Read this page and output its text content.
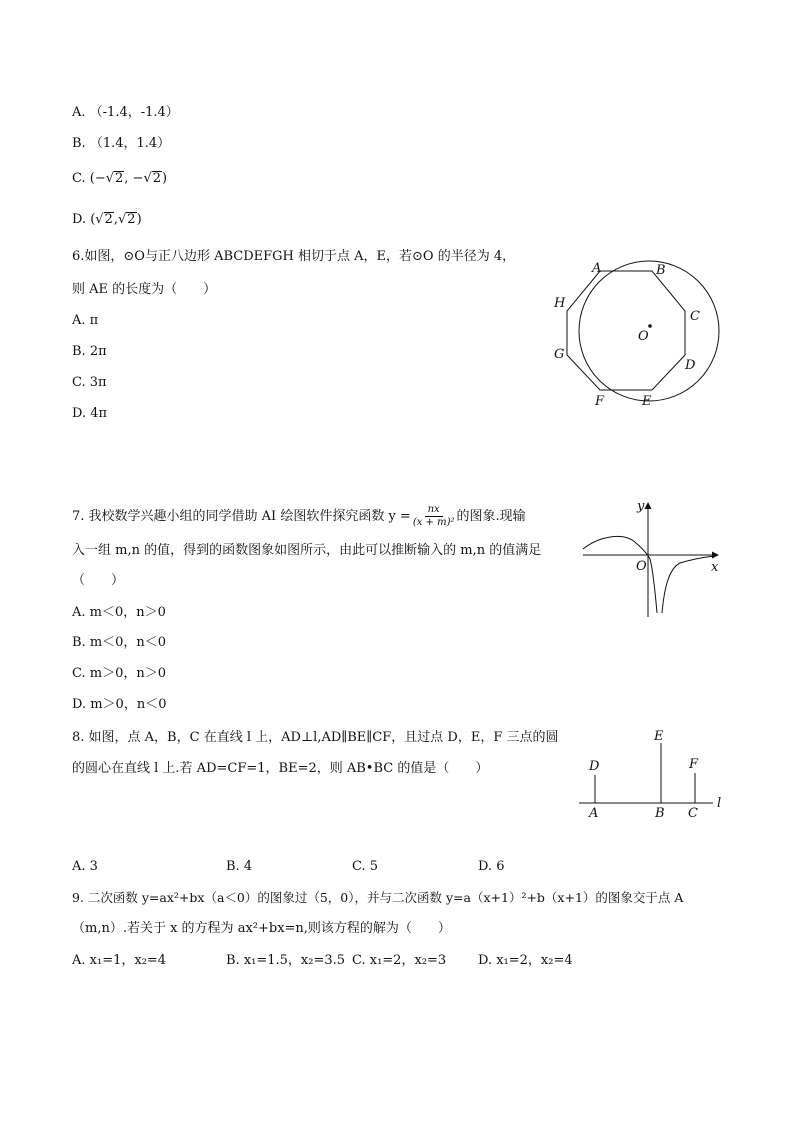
A. （-1.4，-1.4）
B. （1.4，1.4）
C. (−√2, −√2)
D. (√2,√2)
6.如图，⊙O与正八边形 ABCDEFGH 相切于点 A，E，若⊙O 的半径为 4，
则 AE 的长度为（　　）
A. π
B. 2π
C. 3π
D. 4π
A	B
C
D
E
F
G
H
O
7. 我校数学兴趣小组的同学借助 AI 绘图软件探究函数 $y = \frac{nx}{\text{(x + m)²}}$ 的图象.现输
入一组 m,n 的值，得到的函数图象如图所示，由此可以推断输入的 m,n 的值满足
（　　）
A. m＜0，n＞0
B. m＜0，n＜0
C. m＞0，n＞0
D. m＞0，n＜0
y
x
O
8. 如图，点 A，B，C 在直线 l 上，AD⊥l,AD∥BE∥CF，且过点 D，E，F 三点的圆
的圆心在直线 l 上.若 AD=CF=1，BE=2，则 AB•BC 的值是（　　）
A	B C
D
E
F
l
A. 3	B. 4	C. 5	D. 6
9. 二次函数 y=ax²+bx（a＜0）的图象过（5，0），并与二次函数 y=a（x+1）²+b（x+1）的图象交于点 A
（m,n）.若关于 x 的方程为 ax²+bx=n,则该方程的解为（　　）
A. x₁=1，x₂=4	B. x₁=1.5，x₂=3.5 C. x₁=2，x₂=3 D. x₁=2，x₂=4
